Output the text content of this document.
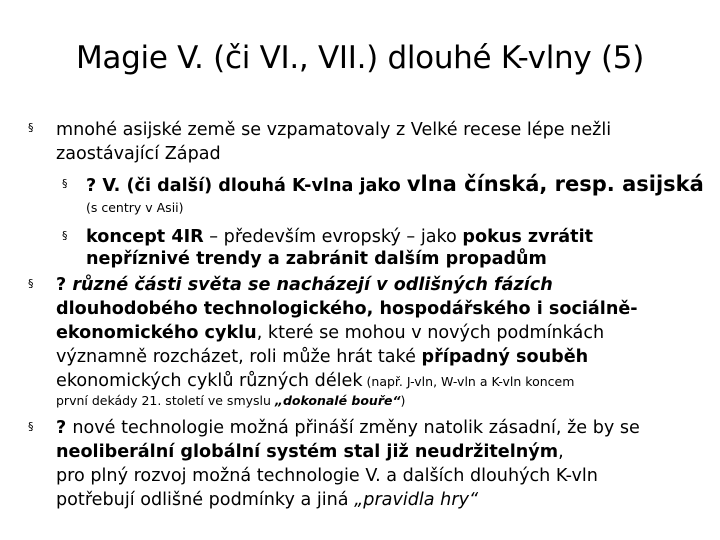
Magie V. (či VI., VII.) dlouhé K-vlny (5)
§ mnohé asijské země se vzpamatovaly z Velké recese lépe nežli
zaostávající Západ
§ ? V. (či další) dlouhá K-vlna jako vlna čínská, resp. asijská
(s centry v Asii)
§ koncept 4IR – především evropský – jako pokus zvrátit
nepříznivé trendy a zabránit dalším propadům
§ ? různé části světa se nacházejí v odlišných fázích
dlouhodobého technologického, hospodářského i sociálně-
ekonomického cyklu, které se mohou v nových podmínkách
významně rozcházet, roli může hrát také případný souběh
ekonomických cyklů různých délek (např. J-vln, W-vln a K-vln koncem
první dekády 21. století ve smyslu „dokonalé bouře“)
§ ? nové technologie možná přináší změny natolik zásadní, že by se
neoliberální globální systém stal již neudržitelným,
pro plný rozvoj možná technologie V. a dalších dlouhých K-vln
potřebují odlišné podmínky a jiná „pravidla hry“
